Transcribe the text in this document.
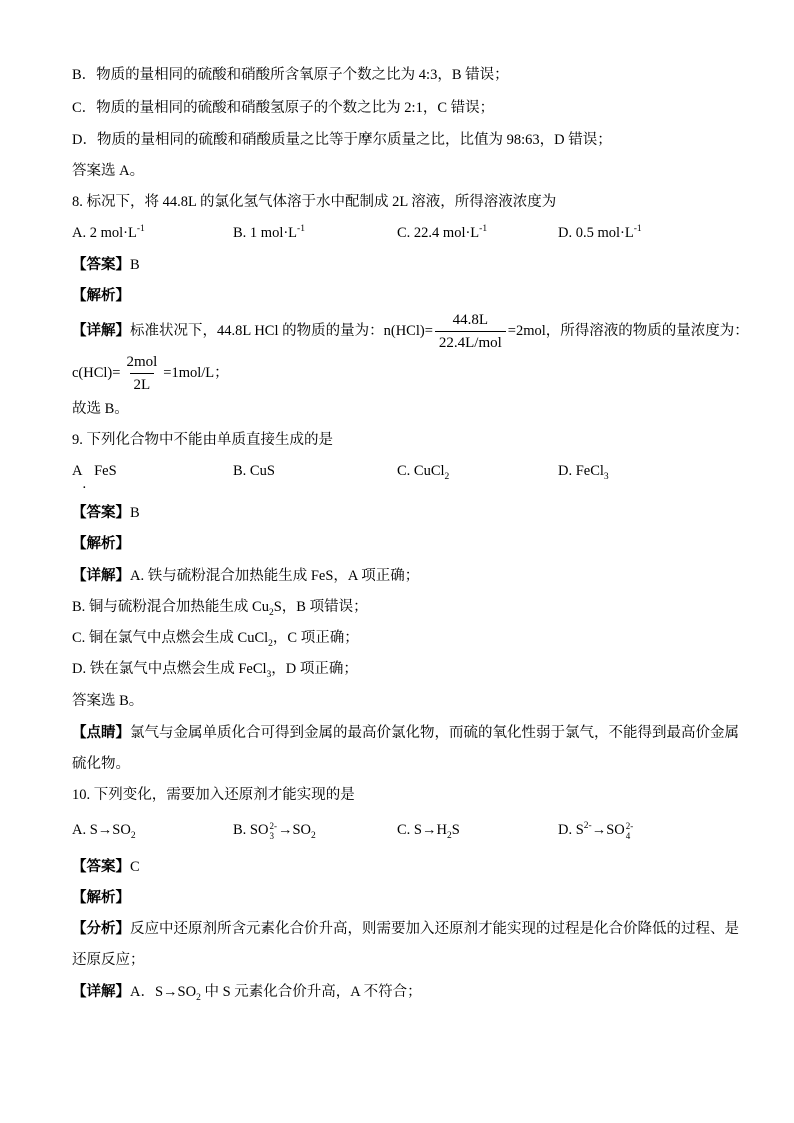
B．物质的量相同的硫酸和硝酸所含氧原子个数之比为 4:3，B 错误；
C．物质的量相同的硫酸和硝酸氢原子的个数之比为 2:1，C 错误；
D．物质的量相同的硫酸和硝酸质量之比等于摩尔质量之比，比值为 98:63，D 错误；
答案选 A。
8. 标况下，将 44.8L 的氯化氢气体溶于水中配制成 2L 溶液，所得溶液浓度为
A. 2 $mol\cdot L^{-1}$	B. 1 $mol\cdot L^{-1}$	C. 22.4 $mol\cdot L^{-1}$	D. 0.5 $mol\cdot L^{-1}$
【答案】B
【解析】
【详解】标准状况下，44.8L HCl 的物质的量为：$n(HCl)= \frac{44.8L}{\text{22.4L/mol}} =2mol$，所得溶液的物质的量浓度为：
$c(HCl)= \frac{\text{2mol}}{2L} =1mol/L$；
故选 B。
9. 下列化合物中不能由单质直接生成的是
A.FeS	B. CuS	C. CuCl$_2$	D. FeCl$_3$
【答案】B
【解析】
【详解】A. 铁与硫粉混合加热能生成 FeS，A 项正确；
B. 铜与硫粉混合加热能生成 $Cu_2S$，B 项错误；
C. 铜在氯气中点燃会生成 CuCl$_2$，C 项正确；
D. 铁在氯气中点燃会生成 FeCl$_3$，D 项正确；
答案选 B。
【点睛】氯气与金属单质化合可得到金属的最高价氯化物，而硫的氧化性弱于氯气，不能得到最高价金属
硫化物。
10. 下列变化，需要加入还原剂才能实现的是
A. $S\to SO_2$	B. SO 2-
$3 \to SO_2$	C. $S\to H_2S$	D. $S^{2-}\to SO$ 2-
4
【答案】C
【解析】
【分析】反应中还原剂所含元素化合价升高，则需要加入还原剂才能实现的过程是化合价降低的过程、是
还原反应；
【详解】A．$S\to SO_2$ 中 S 元素化合价升高，A 不符合；
